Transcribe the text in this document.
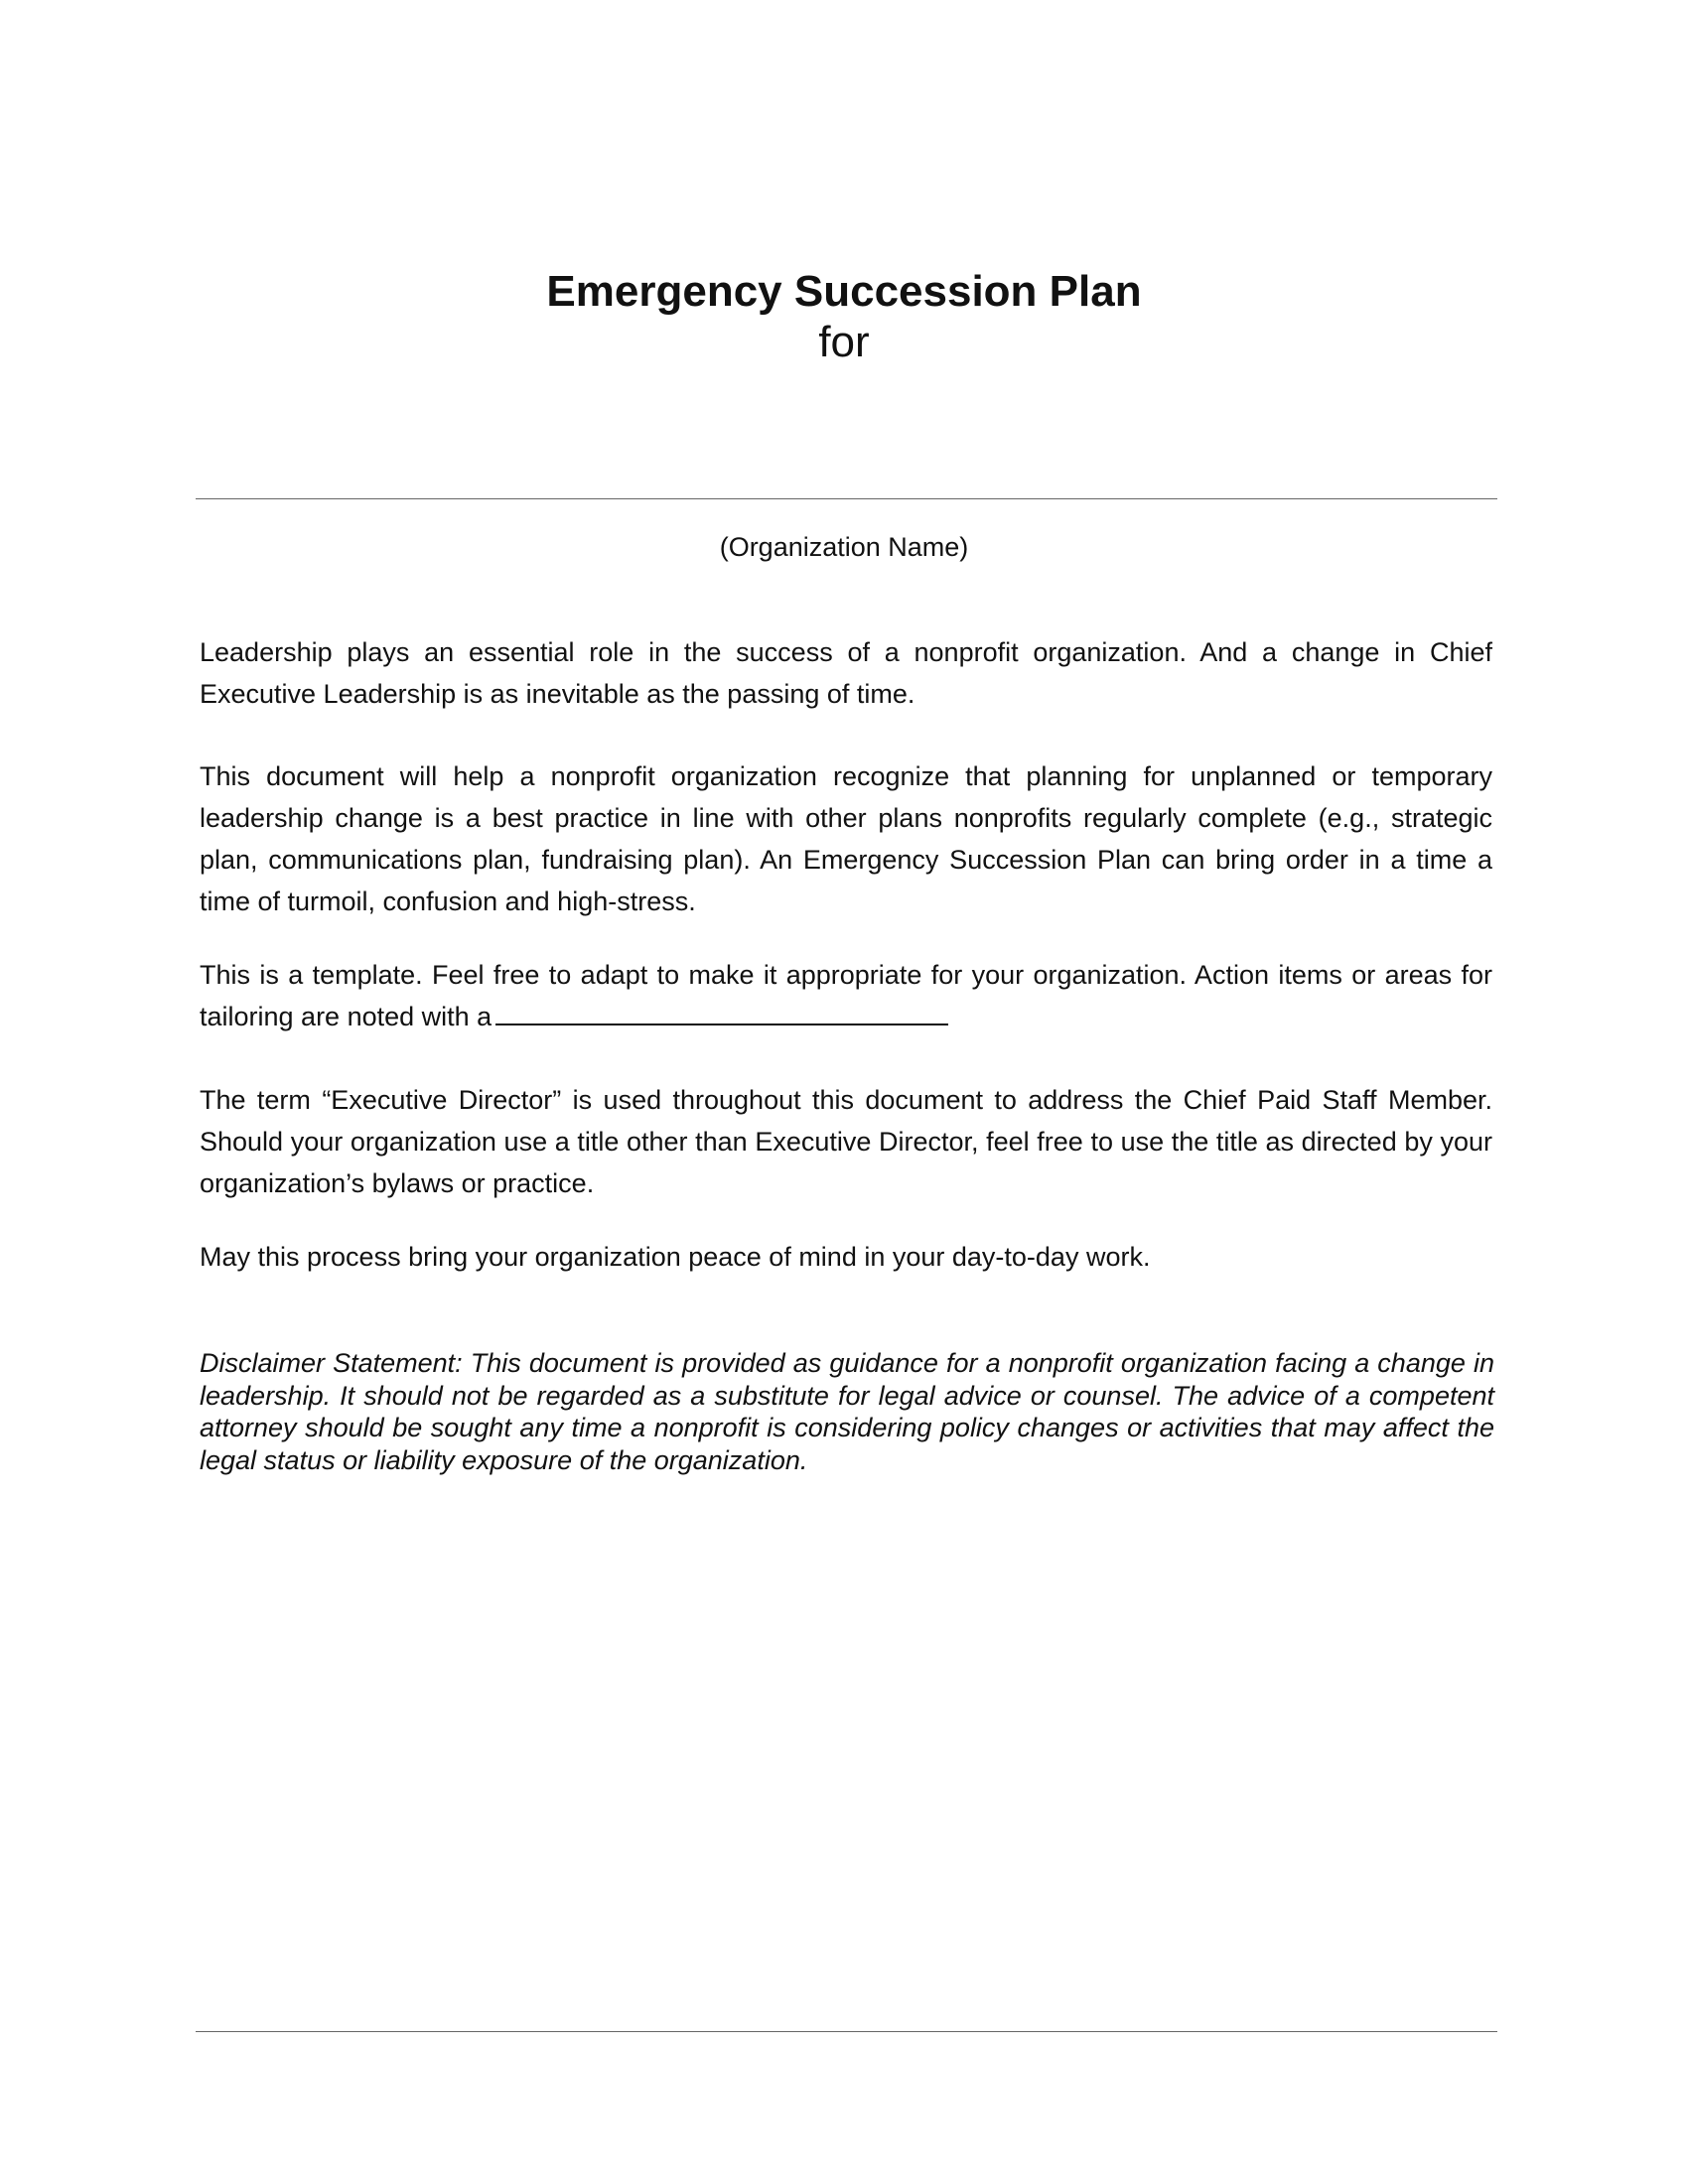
Emergency Succession Plan
for
(Organization Name)

Leadership plays an essential role in the success of a nonprofit organization. And a change in Chief Executive Leadership is as inevitable as the passing of time.

This document will help a nonprofit organization recognize that planning for unplanned or temporary leadership change is a best practice in line with other plans nonprofits regularly complete (e.g., strategic plan, communications plan, fundraising plan). An Emergency Succession Plan can bring order in a time a time of turmoil, confusion and high-stress.

This is a template. Feel free to adapt to make it appropriate for your organization. Action items or areas for tailoring are noted with a

The term “Executive Director” is used throughout this document to address the Chief Paid Staff Member. Should your organization use a title other than Executive Director, feel free to use the title as directed by your organization’s bylaws or practice.

May this process bring your organization peace of mind in your day-to-day work.

Disclaimer Statement: This document is provided as guidance for a nonprofit organization facing a change in leadership. It should not be regarded as a substitute for legal advice or counsel. The advice of a competent attorney should be sought any time a nonprofit is considering policy changes or activities that may affect the legal status or liability exposure of the organization.
